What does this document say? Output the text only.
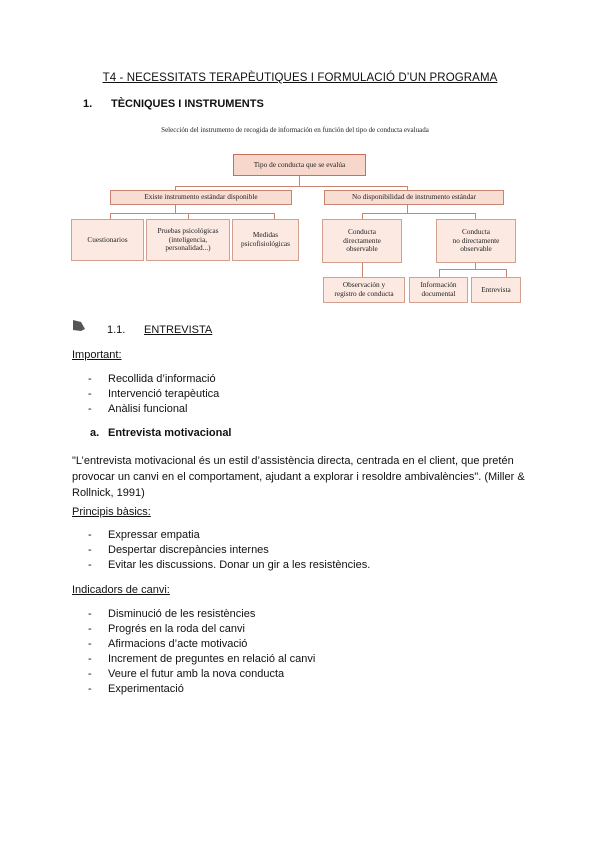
T4 - NECESSITATS TERAPÈUTIQUES I FORMULACIÓ D’UN PROGRAMA
1. TÈCNIQUES I INSTRUMENTS
Selección del instrumento de recogida de información en función del tipo de conducta evaluada
Tipo de conducta que se evalúa
Existe instrumento estándar disponible	No disponibilidad de instrumento estándar
Cuestionarios
Pruebas psicológicas
(inteligencia,
personalidad...)
Medidas
psicofisiológicas
Conducta
directamente
observable
Conducta
no directamente
observable
Observación y
registro de conducta
Información
documental	Entrevista
1.1. ENTREVISTA
Important:
- Recollida d’informació
- Intervenció terapèutica
- Anàlisi funcional
a. Entrevista motivacional
"L’entrevista motivacional és un estil d’assistència directa, centrada en el client, que pretén provocar un canvi en el comportament, ajudant a explorar i resoldre ambivalències". (Miller & Rollnick, 1991)
Principis bàsics:
- Expressar empatia
- Despertar discrepàncies internes
- Evitar les discussions. Donar un gir a les resistències.
Indicadors de canvi:
- Disminució de les resistències
- Progrés en la roda del canvi
- Afirmacions d’acte motivació
- Increment de preguntes en relació al canvi
- Veure el futur amb la nova conducta
- Experimentació
